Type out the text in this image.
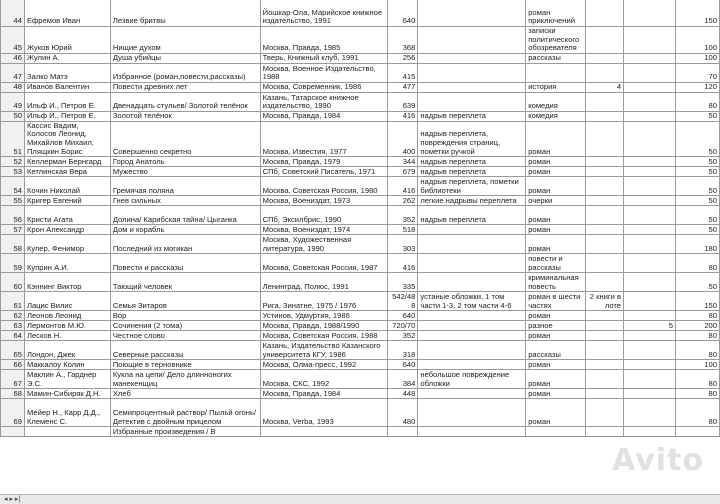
44	Ефремов Иван	Лезвие бритвы	Йошкар-Ола, Марийское книжное издательство, 1991	640		роман приключений			150
45	Жуков Юрий	Нищие духом	Москва, Правда, 1985	368		записки политического обозревателя			100
46	Жулин А.	Душа убийцы	Тверь, Книжный клуб, 1991	256		рассказы			100
47	Залко Матэ	Избранное (роман,повести,рассказы)	Москва, Военное Издательство, 1988	415					70
48	Иванов Валентин	Повести древних лет	Москва, Современник, 1986	477		история	4		120
49	Ильф И., Петров Е.	Двенадцать стульев/ Золотой телёнок	Казань, Татарское книжное издательство, 1990	639		комедия			80
50	Ильф И., Петров Е.	Золотой телёнок	Москва, Правда, 1984	416	надрыв переплета	комедия			50
51	Кассис Вадим, Колосов Леонид, Михайлов Михаил, Плящкин Борис	Совершенно секретно	Москва, Известия, 1977	400	надрыв переплета, повреждения страниц, пометки ручкой	роман			50
52	Келлерман Бернгард	Город Анатоль	Москва, Правда, 1979	344	надрыв переплета	роман			50
53	Кетлинская Вера	Мужество	СПб, Советский Писатель, 1971	679	надрыв переплета	роман			50
54	Кочин Николай	Гремячая поляна	Москва, Советская Россия, 1980	416	надрыв переплета, пометки библиотеки	роман			50
55	Кригер Евгений	Гнев сильных	Москва, Воениздат, 1973	262	легкие надрывы переплета	очерки			50
56	Кристи Агата	Долина/ Карибская тайна/ Цыганка	СПб, Эксилбрис, 1990	352	надрыв переплета	роман			50
57	Крон Александр	Дом и корабль	Москва, Воениздат, 1974	518		роман			50
58	Купер, Фенимор	Последний из могикан	Москва, Художественная литература, 1990	303		роман			180
59	Куприн А.И.	Повести и рассказы	Москва, Советская Россия, 1987	416		повести и рассказы			80
60	Кэннинг Виктор	Тающий человек	Ленинград, Полюс, 1991	335		криминальная повесть			50
61	Лацис Вилис	Семья Зитаров	Рига, Зинатне, 1975 / 1976	542/488	устаные обложки, 1 том части 1-3, 2 том части 4-6	роман в шести частях	2 книги в лоте		150
62	Леонов Леонид	Вор	Устинов, Удмуртия, 1986	640		роман			80
63	Лермонтов М.Ю.	Сочинения (2 тома)	Москва, Правда, 1988/1990	720/70		разное		5	200
64	Лесков Н.	Честное слово	Москва, Советская Россия, 1988	352		роман			80
65	Лондон, Джек	Северные рассказы	Казань, Издательство Казанского университета КГУ, 1986	318		рассказы			80
66	Маккалоу Колин	Поющие в терновнике	Москва, Олма-пресс, 1992	640		роман			100
67	Маклин А., Гарднер Э.С.	Кукла на цепи/ Дело длинноногих манекенщиц	Москва, СКС, 1992	384	небольшое повреждение обложки	роман			80
68	Мамин-Сибиряк Д.Н.	Хлеб	Москва, Правда, 1984	448		роман			80
69	Мейер Н., Карр Д.Д., Клеменс С.	Семипроцентный раствор/ Пыльй огонь/ Детектив с двойным прицелом	Москва, Verba, 1993	480		роман			80
		Избранные произведения / В							
Avito
◂ ▸ ▸|
